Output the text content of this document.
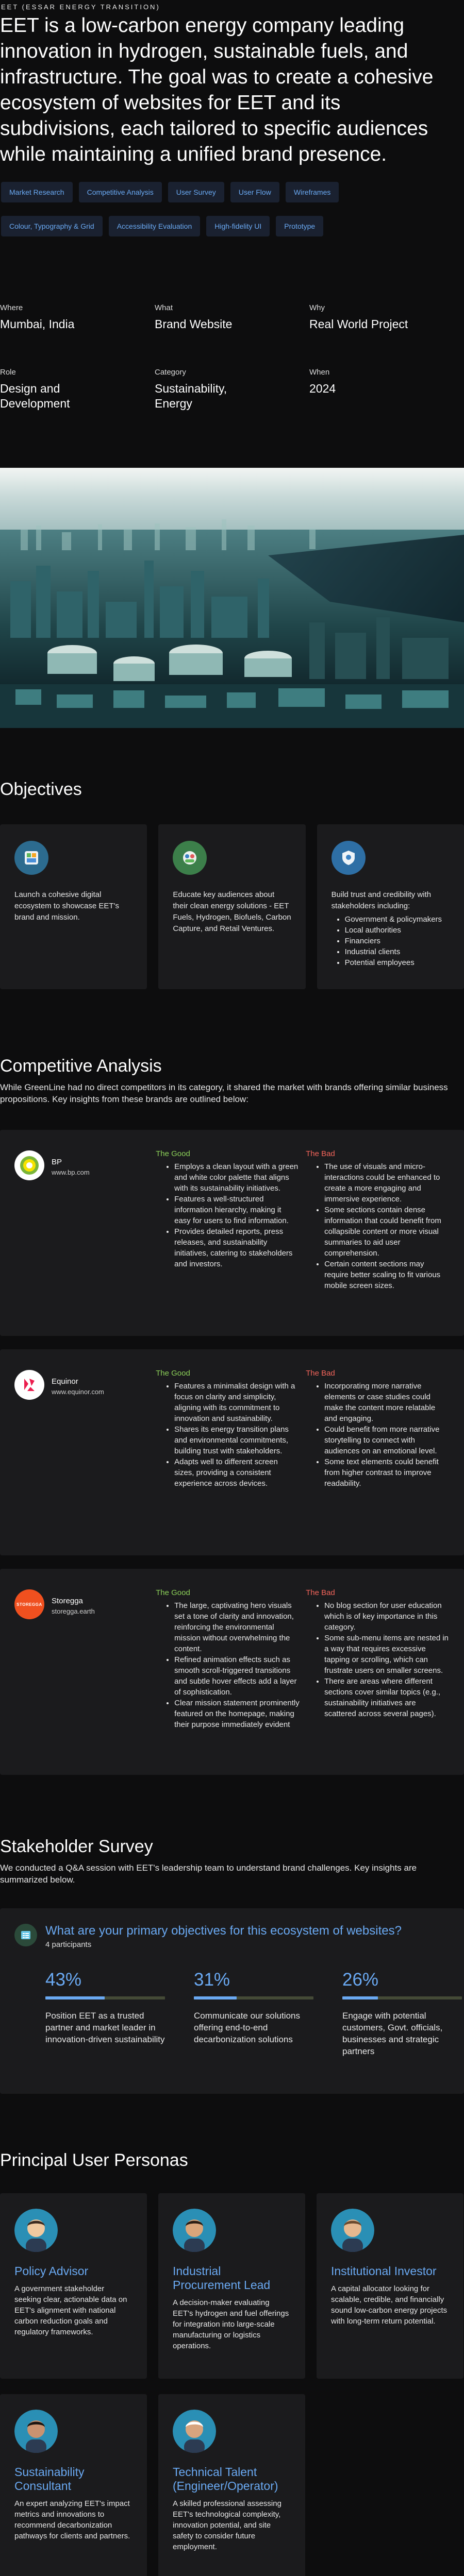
EET (ESSAR ENERGY TRANSITION)
EET is a low-carbon energy company leading innovation in hydrogen, sustainable fuels, and infrastructure. The goal was to create a cohesive ecosystem of websites for EET and its subdivisions, each tailored to specific audiences while maintaining a unified brand presence.
Market Research	Competitive Analysis	User Survey	User Flow	Wireframes
Colour, Typography & Grid	Accessibility Evaluation	High-fidelity UI	Prototype
Where
Mumbai, India
What
Brand Website
Why
Real World Project
Role
Design and Development
Category
Sustainability, Energy
When
2024
Objectives

Launch a cohesive digital ecosystem to showcase EET's brand and mission.

Educate key audiences about their clean energy solutions - EET Fuels, Hydrogen, Biofuels, Carbon Capture, and Retail Ventures.

Build trust and credibility with stakeholders including:

• Government & policymakers
• Local authorities
• Financiers
• Industrial clients
• Potential employees
Competitive Analysis

While GreenLine had no direct competitors in its category, it shared the market with brands offering similar business propositions. Key insights from these brands are outlined below:

BP
www.bp.com
The Good
• Employs a clean layout with a green and white color palette that aligns with its sustainability initiatives.
• Features a well-structured information hierarchy, making it easy for users to find information.
• Provides detailed reports, press releases, and sustainability initiatives, catering to stakeholders and investors.
The Bad
• The use of visuals and micro-interactions could be enhanced to create a more engaging and immersive experience.
• Some sections contain dense information that could benefit from collapsible content or more visual summaries to aid user comprehension.
• Certain content sections may require better scaling to fit various mobile screen sizes.
Equinor
www.equinor.com
The Good
• Features a minimalist design with a focus on clarity and simplicity, aligning with its commitment to innovation and sustainability.
• Shares its energy transition plans and environmental commitments, building trust with stakeholders.
• Adapts well to different screen sizes, providing a consistent experience across devices.
The Bad
• Incorporating more narrative elements or case studies could make the content more relatable and engaging.
• Could benefit from more narrative storytelling to connect with audiences on an emotional level.
• Some text elements could benefit from higher contrast to improve readability.
STOREGGA Storegga
storegga.earth
The Good
• The large, captivating hero visuals set a tone of clarity and innovation, reinforcing the environmental mission without overwhelming the content.
• Refined animation effects such as smooth scroll-triggered transitions and subtle hover effects add a layer of sophistication.
• Clear mission statement prominently featured on the homepage, making their purpose immediately evident
The Bad
• No blog section for user education which is of key importance in this category.
• Some sub-menu items are nested in a way that requires excessive tapping or scrolling, which can frustrate users on smaller screens.
• There are areas where different sections cover similar topics (e.g., sustainability initiatives are scattered across several pages).
Stakeholder Survey

We conducted a Q&A session with EET's leadership team to understand brand challenges. Key insights are summarized below.

What are your primary objectives for this ecosystem of websites?
4 participants
43%
Position EET as a trusted partner and market leader in innovation-driven sustainability
31%
Communicate our solutions offering end-to-end decarbonization solutions
26%
Engage with potential customers, Govt. officials, businesses and strategic partners
Principal User Personas
Policy Advisor
A government stakeholder seeking clear, actionable data on EET's alignment with national carbon reduction goals and regulatory frameworks.
Industrial Procurement Lead
A decision-maker evaluating EET's hydrogen and fuel offerings for integration into large-scale manufacturing or logistics operations.
Institutional Investor
A capital allocator looking for scalable, credible, and financially sound low-carbon energy projects with long-term return potential.
Sustainability Consultant
An expert analyzing EET's impact metrics and innovations to recommend decarbonization pathways for clients and partners.
Technical Talent (Engineer/Operator)
A skilled professional assessing EET's technological complexity, innovation potential, and site safety to consider future employment.
